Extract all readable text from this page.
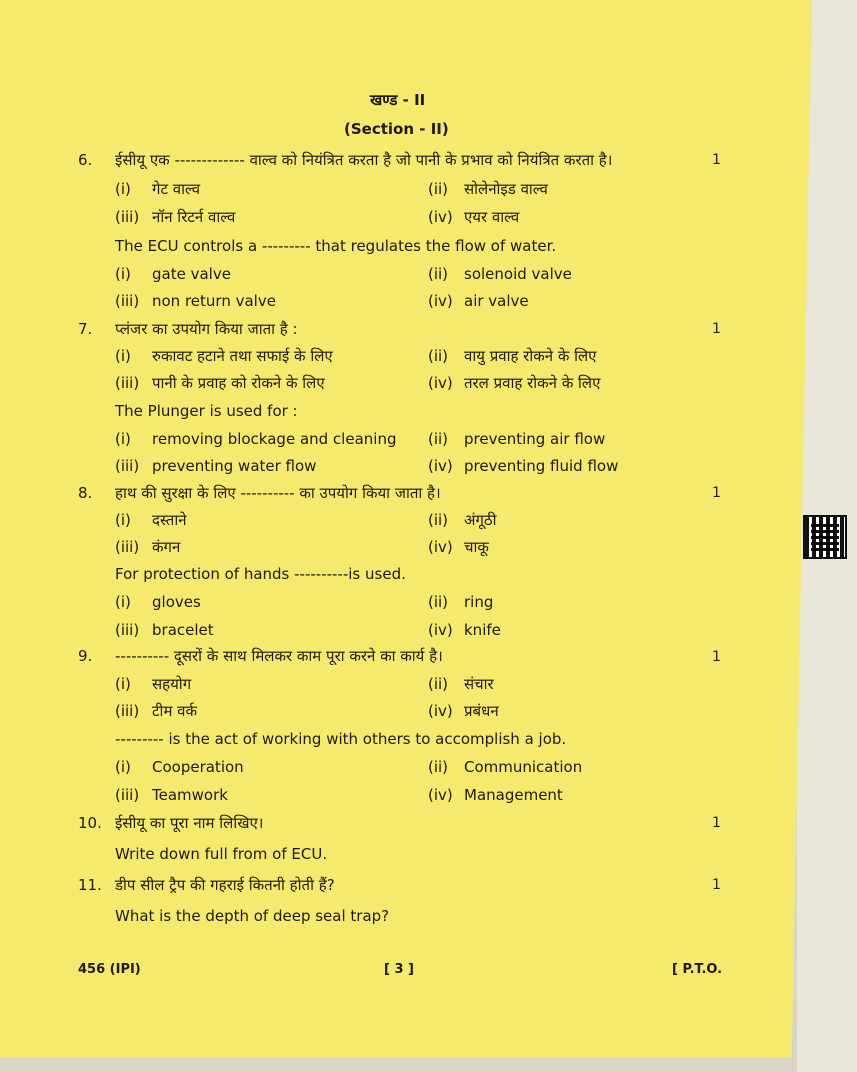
खण्ड - II
(Section - II)
6. ईसीयू एक ------------- वाल्व को नियंत्रित करता है जो पानी के प्रभाव को नियंत्रित करता है।	1
(i) गेट वाल्व	(ii) सोलेनोइड वाल्व
(iii) नॉन रिटर्न वाल्व	(iv) एयर वाल्व
The ECU controls a --------- that regulates the flow of water.
(i) gate valve	(ii) solenoid valve
(iii) non return valve	(iv) air valve
7. प्लंजर का उपयोग किया जाता है :	1
(i) रुकावट हटाने तथा सफाई के लिए	(ii) वायु प्रवाह रोकने के लिए
(iii) पानी के प्रवाह को रोकने के लिए	(iv) तरल प्रवाह रोकने के लिए
The Plunger is used for :
(i) removing blockage and cleaning (ii) preventing air flow
(iii) preventing water flow	(iv) preventing fluid flow
8. हाथ की सुरक्षा के लिए ---------- का उपयोग किया जाता है।	1
(i) दस्ताने	(ii) अंगूठी
(iii) कंगन	(iv) चाकू
For protection of hands ----------is used.
(i) gloves	(ii) ring
(iii) bracelet	(iv) knife
9. ---------- दूसरों के साथ मिलकर काम पूरा करने का कार्य है।	1
(i) सहयोग	(ii) संचार
(iii) टीम वर्क	(iv) प्रबंधन
--------- is the act of working with others to accomplish a job.
(i) Cooperation	(ii) Communication
(iii) Teamwork	(iv) Management
10. ईसीयू का पूरा नाम लिखिए।	1
Write down full from of ECU.
11. डीप सील ट्रैप की गहराई कितनी होती हैं?	1
What is the depth of deep seal trap?
456 (IPI)	[ 3 ]	[ P.T.O.
